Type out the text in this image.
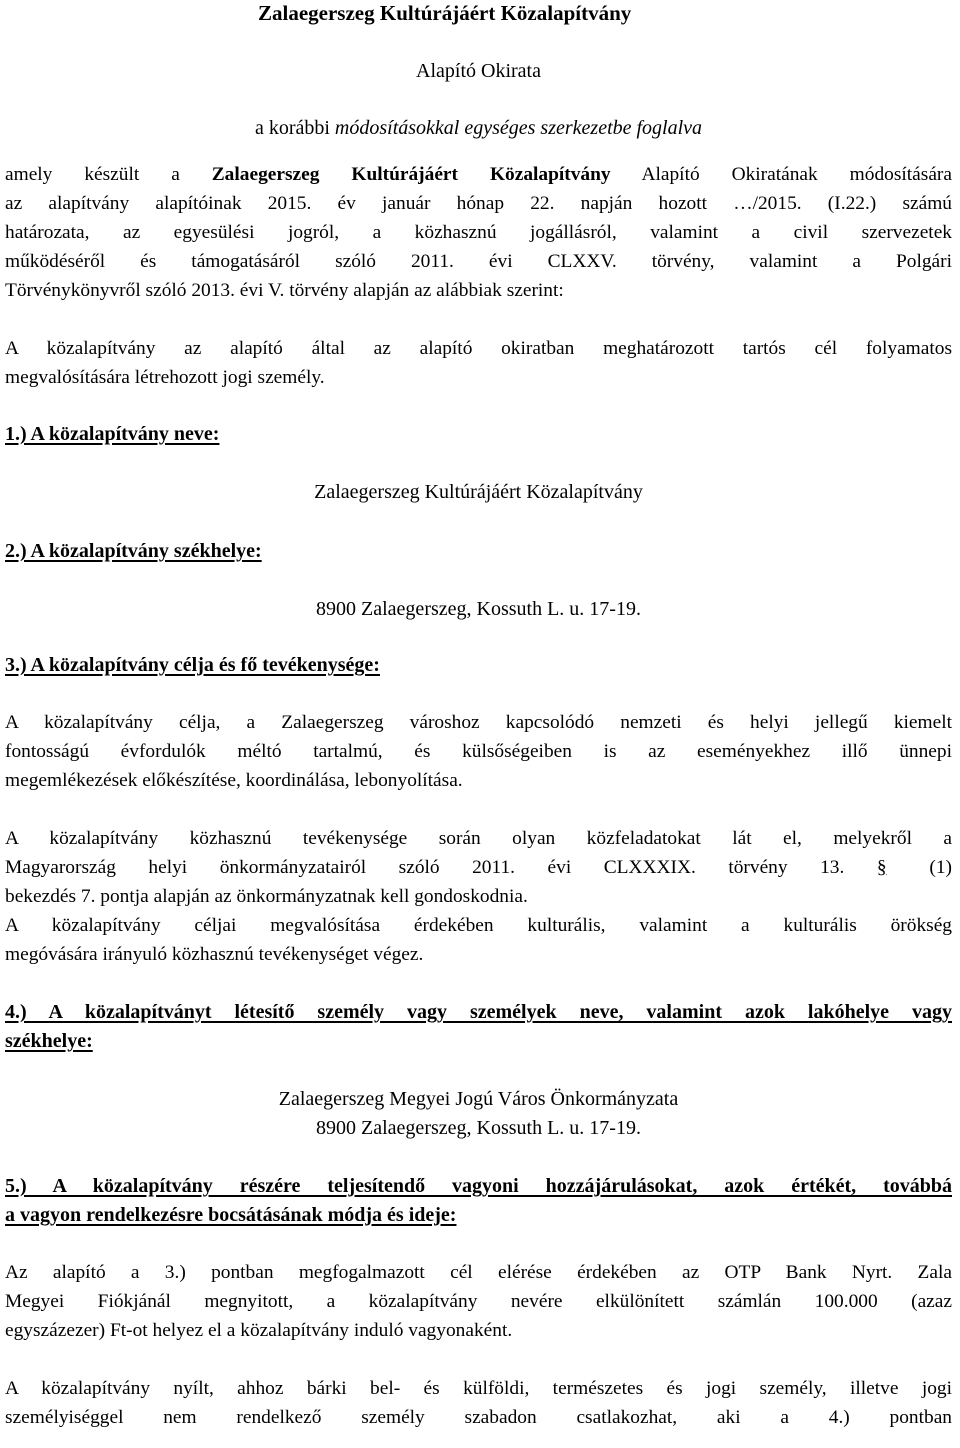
Zalaegerszeg Kultúrájáért Közalapítvány

Alapító Okirata

a korábbi módosításokkal egységes szerkezetbe foglalva

amely készült a Zalaegerszeg Kultúrájáért Közalapítvány Alapító Okiratának módosítására

az alapítvány alapítóinak 2015. év január hónap 22. napján hozott …/2015. (I.22.) számú

határozata, az egyesülési jogról, a közhasznú jogállásról, valamint a civil szervezetek

működéséről és támogatásáról szóló 2011. évi CLXXV. törvény, valamint a Polgári

Törvénykönyvről szóló 2013. évi V. törvény alapján az alábbiak szerint:

A közalapítvány az alapító által az alapító okiratban meghatározott tartós cél folyamatos

megvalósítására létrehozott jogi személy.

1.) A közalapítvány neve:

Zalaegerszeg Kultúrájáért Közalapítvány

2.) A közalapítvány székhelye:

8900 Zalaegerszeg, Kossuth L. u. 17-19.

3.) A közalapítvány célja és fő tevékenysége:

A közalapítvány célja, a Zalaegerszeg városhoz kapcsolódó nemzeti és helyi jellegű kiemelt

fontosságú évfordulók méltó tartalmú, és külsőségeiben is az eseményekhez illő ünnepi

megemlékezések előkészítése, koordinálása, lebonyolítása.

A közalapítvány közhasznú tevékenysége során olyan közfeladatokat lát el, melyekről a

Magyarország helyi önkormányzatairól szóló 2011. évi CLXXXIX. törvény 13. § (1)

bekezdés 7. pontja alapján az önkormányzatnak kell gondoskodnia.

A közalapítvány céljai megvalósítása érdekében kulturális, valamint a kulturális örökség

megóvására irányuló közhasznú tevékenységet végez.

4.) A közalapítványt létesítő személy vagy személyek neve, valamint azok lakóhelye vagy

székhelye:

Zalaegerszeg Megyei Jogú Város Önkormányzata

8900 Zalaegerszeg, Kossuth L. u. 17-19.

5.) A közalapítvány részére teljesítendő vagyoni hozzájárulásokat, azok értékét, továbbá

a vagyon rendelkezésre bocsátásának módja és ideje:

Az alapító a 3.) pontban megfogalmazott cél elérése érdekében az OTP Bank Nyrt. Zala

Megyei Fiókjánál megnyitott, a közalapítvány nevére elkülönített számlán 100.000 (azaz

egyszázezer) Ft-ot helyez el a közalapítvány induló vagyonaként.

A közalapítvány nyílt, ahhoz bárki bel- és külföldi, természetes és jogi személy, illetve jogi

személyiséggel nem rendelkező személy szabadon csatlakozhat, aki a 4.) pontban
